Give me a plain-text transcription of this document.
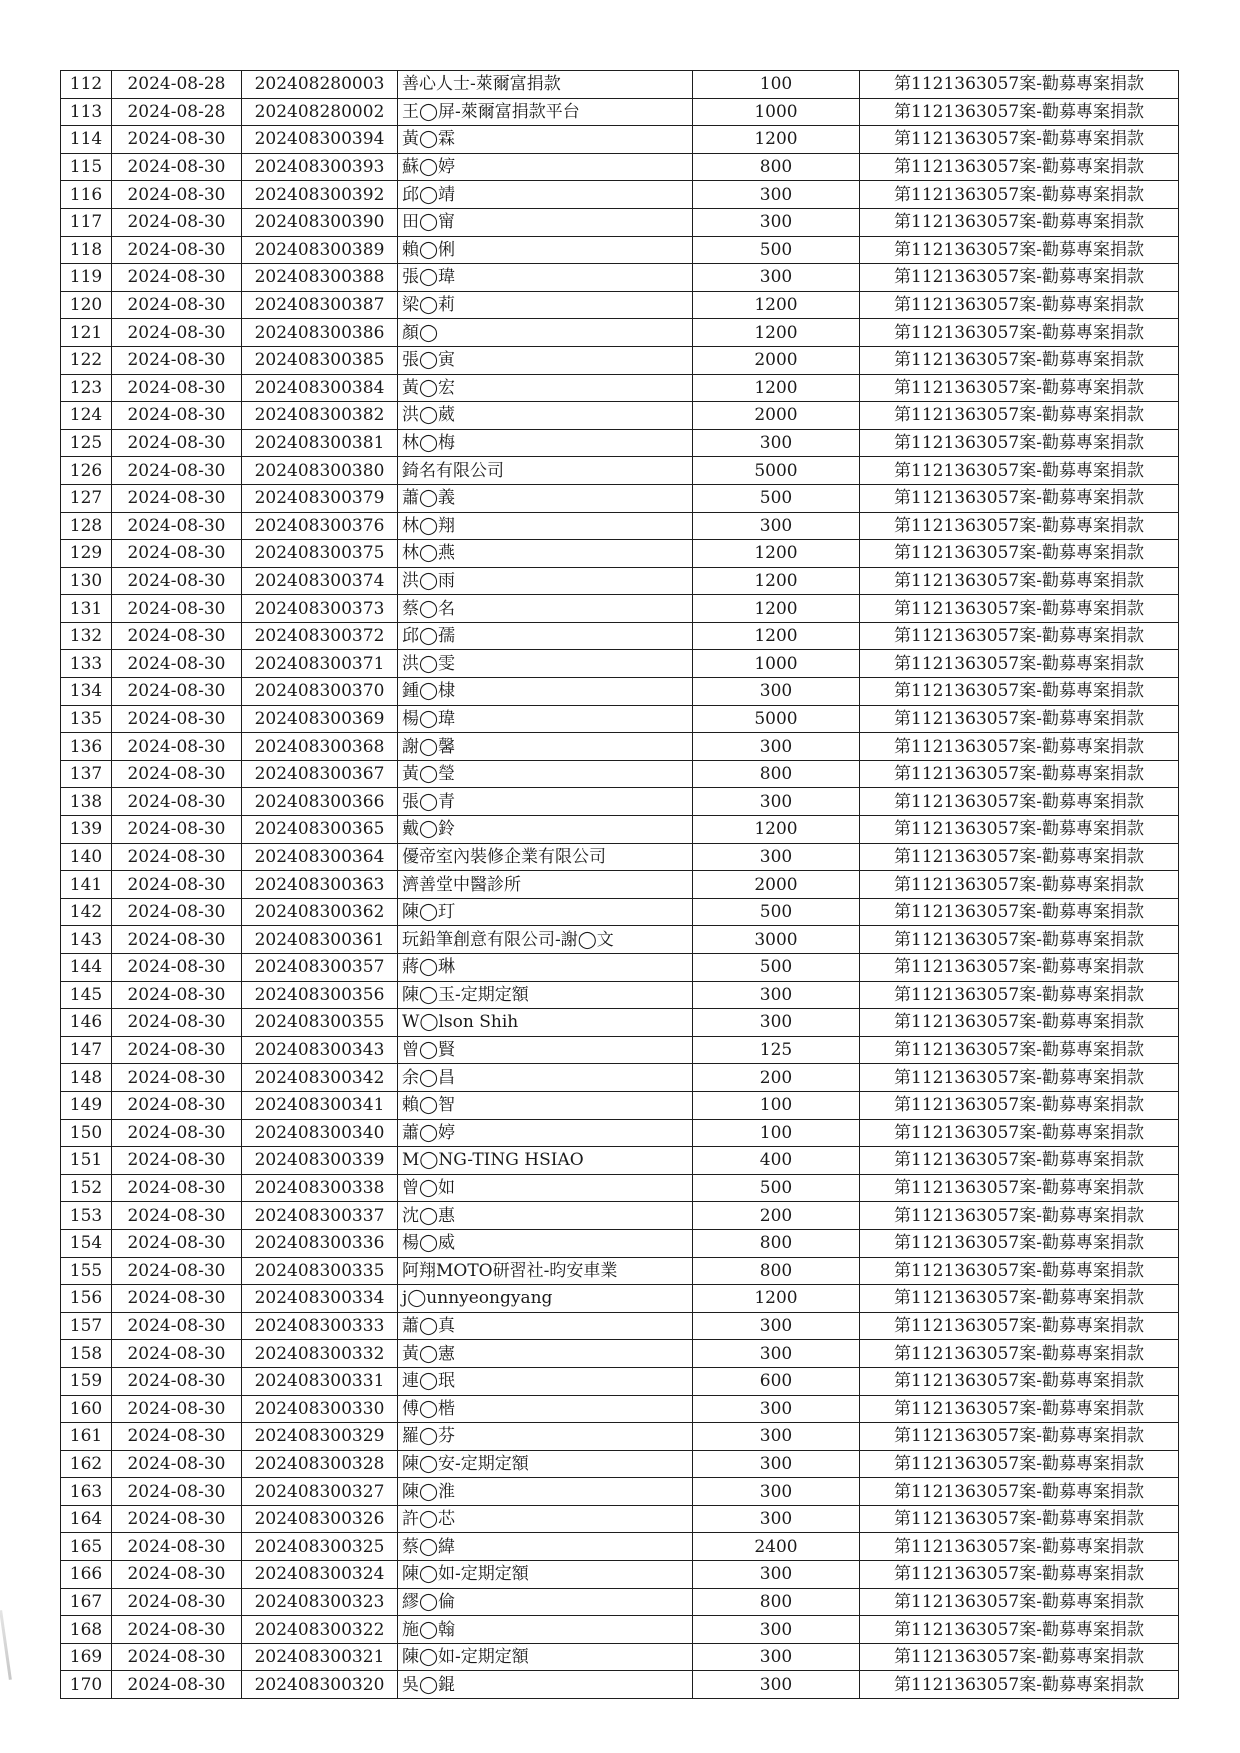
112	2024-08-28	202408280003	善心人士-萊爾富捐款	100	第1121363057案-勸募專案捐款
113	2024-08-28	202408280002	王◯屏-萊爾富捐款平台	1000	第1121363057案-勸募專案捐款
114	2024-08-30	202408300394	黃◯霖	1200	第1121363057案-勸募專案捐款
115	2024-08-30	202408300393	蘇◯婷	800	第1121363057案-勸募專案捐款
116	2024-08-30	202408300392	邱◯靖	300	第1121363057案-勸募專案捐款
117	2024-08-30	202408300390	田◯甯	300	第1121363057案-勸募專案捐款
118	2024-08-30	202408300389	賴◯俐	500	第1121363057案-勸募專案捐款
119	2024-08-30	202408300388	張◯瑋	300	第1121363057案-勸募專案捐款
120	2024-08-30	202408300387	梁◯莉	1200	第1121363057案-勸募專案捐款
121	2024-08-30	202408300386	顏◯	1200	第1121363057案-勸募專案捐款
122	2024-08-30	202408300385	張◯寅	2000	第1121363057案-勸募專案捐款
123	2024-08-30	202408300384	黃◯宏	1200	第1121363057案-勸募專案捐款
124	2024-08-30	202408300382	洪◯葳	2000	第1121363057案-勸募專案捐款
125	2024-08-30	202408300381	林◯梅	300	第1121363057案-勸募專案捐款
126	2024-08-30	202408300380	錡名有限公司	5000	第1121363057案-勸募專案捐款
127	2024-08-30	202408300379	蕭◯義	500	第1121363057案-勸募專案捐款
128	2024-08-30	202408300376	林◯翔	300	第1121363057案-勸募專案捐款
129	2024-08-30	202408300375	林◯燕	1200	第1121363057案-勸募專案捐款
130	2024-08-30	202408300374	洪◯雨	1200	第1121363057案-勸募專案捐款
131	2024-08-30	202408300373	蔡◯名	1200	第1121363057案-勸募專案捐款
132	2024-08-30	202408300372	邱◯孺	1200	第1121363057案-勸募專案捐款
133	2024-08-30	202408300371	洪◯雯	1000	第1121363057案-勸募專案捐款
134	2024-08-30	202408300370	鍾◯棣	300	第1121363057案-勸募專案捐款
135	2024-08-30	202408300369	楊◯瑋	5000	第1121363057案-勸募專案捐款
136	2024-08-30	202408300368	謝◯馨	300	第1121363057案-勸募專案捐款
137	2024-08-30	202408300367	黃◯瑩	800	第1121363057案-勸募專案捐款
138	2024-08-30	202408300366	張◯青	300	第1121363057案-勸募專案捐款
139	2024-08-30	202408300365	戴◯鈴	1200	第1121363057案-勸募專案捐款
140	2024-08-30	202408300364	優帝室內裝修企業有限公司	300	第1121363057案-勸募專案捐款
141	2024-08-30	202408300363	濟善堂中醫診所	2000	第1121363057案-勸募專案捐款
142	2024-08-30	202408300362	陳◯玎	500	第1121363057案-勸募專案捐款
143	2024-08-30	202408300361	玩鉛筆創意有限公司-謝◯文	3000	第1121363057案-勸募專案捐款
144	2024-08-30	202408300357	蔣◯琳	500	第1121363057案-勸募專案捐款
145	2024-08-30	202408300356	陳◯玉-定期定額	300	第1121363057案-勸募專案捐款
146	2024-08-30	202408300355	W◯lson Shih	300	第1121363057案-勸募專案捐款
147	2024-08-30	202408300343	曾◯賢	125	第1121363057案-勸募專案捐款
148	2024-08-30	202408300342	余◯昌	200	第1121363057案-勸募專案捐款
149	2024-08-30	202408300341	賴◯智	100	第1121363057案-勸募專案捐款
150	2024-08-30	202408300340	蕭◯婷	100	第1121363057案-勸募專案捐款
151	2024-08-30	202408300339	M◯NG-TING HSIAO	400	第1121363057案-勸募專案捐款
152	2024-08-30	202408300338	曾◯如	500	第1121363057案-勸募專案捐款
153	2024-08-30	202408300337	沈◯惠	200	第1121363057案-勸募專案捐款
154	2024-08-30	202408300336	楊◯威	800	第1121363057案-勸募專案捐款
155	2024-08-30	202408300335	阿翔MOTO研習社-昀安車業	800	第1121363057案-勸募專案捐款
156	2024-08-30	202408300334	j◯unnyeongyang	1200	第1121363057案-勸募專案捐款
157	2024-08-30	202408300333	蕭◯真	300	第1121363057案-勸募專案捐款
158	2024-08-30	202408300332	黃◯憲	300	第1121363057案-勸募專案捐款
159	2024-08-30	202408300331	連◯珉	600	第1121363057案-勸募專案捐款
160	2024-08-30	202408300330	傅◯楷	300	第1121363057案-勸募專案捐款
161	2024-08-30	202408300329	羅◯芬	300	第1121363057案-勸募專案捐款
162	2024-08-30	202408300328	陳◯安-定期定額	300	第1121363057案-勸募專案捐款
163	2024-08-30	202408300327	陳◯淮	300	第1121363057案-勸募專案捐款
164	2024-08-30	202408300326	許◯芯	300	第1121363057案-勸募專案捐款
165	2024-08-30	202408300325	蔡◯緯	2400	第1121363057案-勸募專案捐款
166	2024-08-30	202408300324	陳◯如-定期定額	300	第1121363057案-勸募專案捐款
167	2024-08-30	202408300323	繆◯倫	800	第1121363057案-勸募專案捐款
168	2024-08-30	202408300322	施◯翰	300	第1121363057案-勸募專案捐款
169	2024-08-30	202408300321	陳◯如-定期定額	300	第1121363057案-勸募專案捐款
170	2024-08-30	202408300320	吳◯錕	300	第1121363057案-勸募專案捐款
